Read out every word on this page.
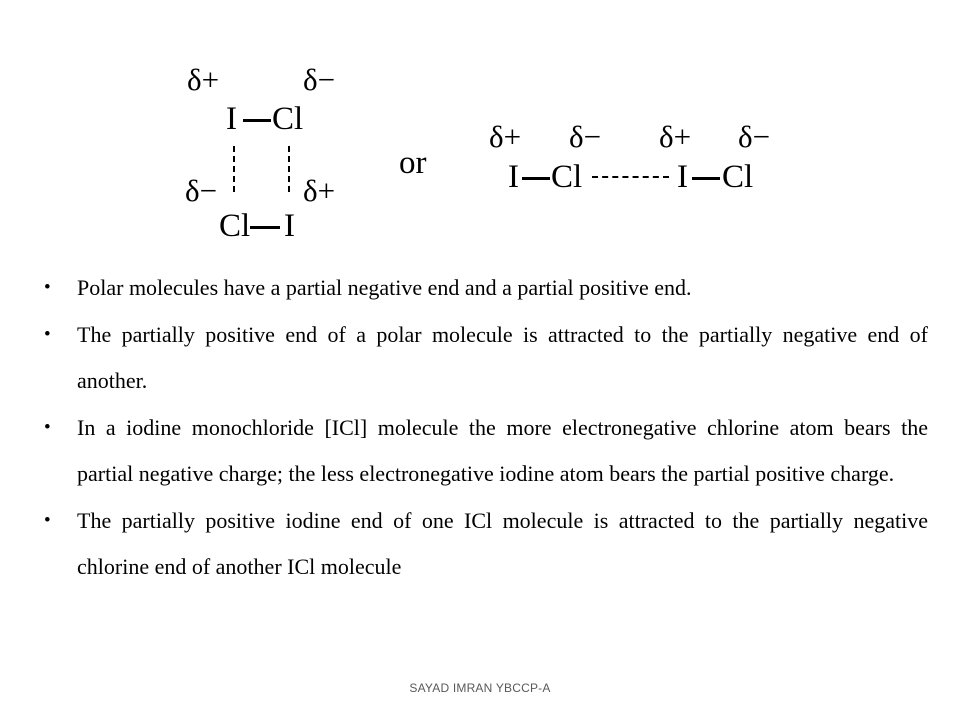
δ+	δ−
I Cl
δ−	δ+
Cl I
or
δ+ δ− δ+ δ−
I Cl	I Cl
• Polar molecules have a partial negative end and a partial positive end.
• The partially positive end of a polar molecule is attracted to the partially negative end of another.
• In a iodine monochloride [ICl] molecule the more electronegative chlorine atom bears the partial negative charge; the less electronegative iodine atom bears the partial positive charge.
• The partially positive iodine end of one ICl molecule is attracted to the partially negative chlorine end of another ICl molecule
SAYAD IMRAN YBCCP-A
